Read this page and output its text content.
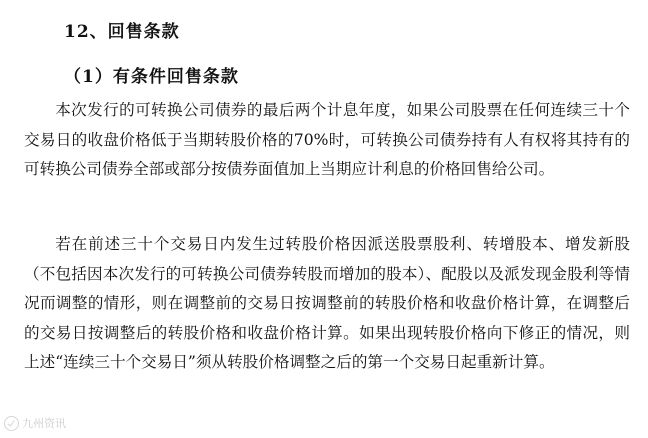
12、回售条款
（1）有条件回售条款

本次发行的可转换公司债券的最后两个计息年度，如果公司股票在任何连续三十个交易日的收盘价格低于当期转股价格的70%时，可转换公司债券持有人有权将其持有的可转换公司债券全部或部分按债券面值加上当期应计利息的价格回售给公司。

若在前述三十个交易日内发生过转股价格因派送股票股利、转增股本、增发新股（不包括因本次发行的可转换公司债券转股而增加的股本）、配股以及派发现金股利等情况而调整的情形，则在调整前的交易日按调整前的转股价格和收盘价格计算，在调整后的交易日按调整后的转股价格和收盘价格计算。如果出现转股价格向下修正的情况，则上述“连续三十个交易日”须从转股价格调整之后的第一个交易日起重新计算。

九州资讯
